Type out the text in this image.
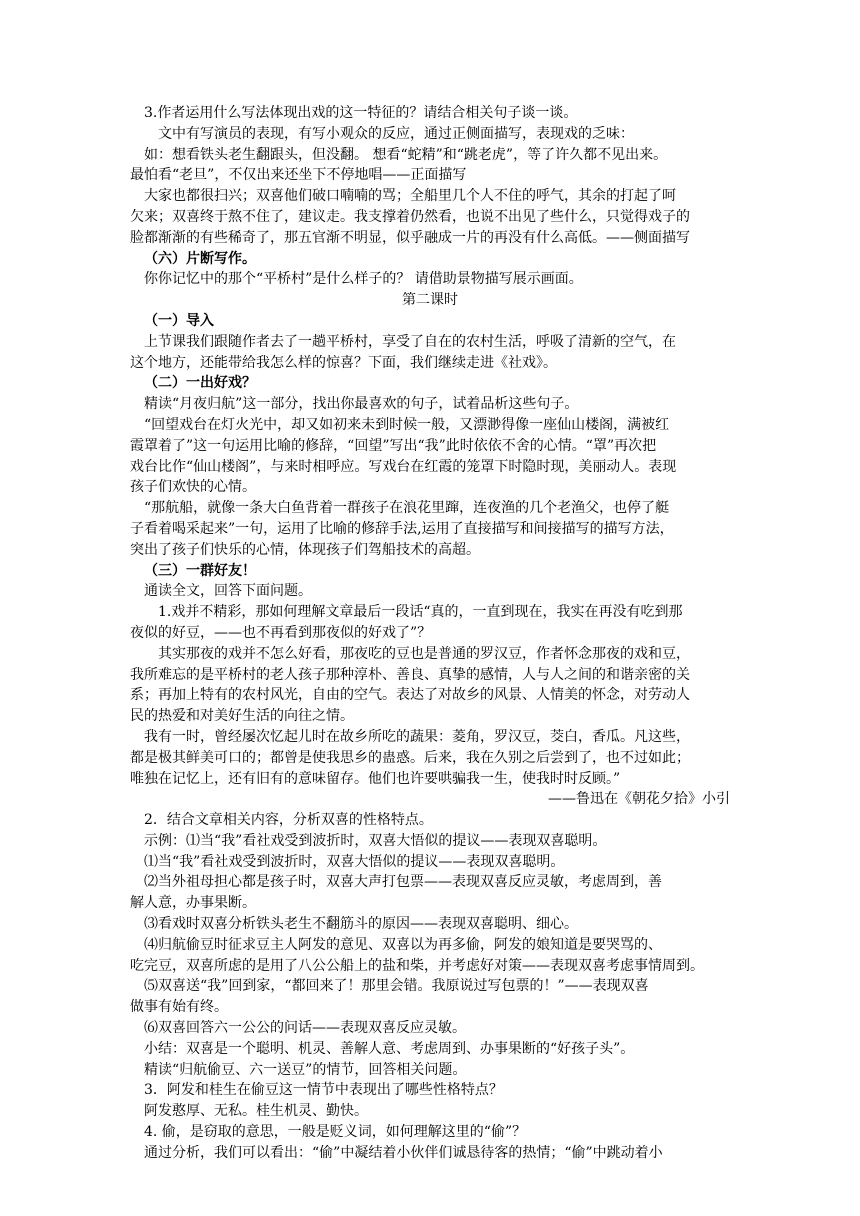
3.作者运用什么写法体现出戏的这一特征的？请结合相关句子谈一谈。
文中有写演员的表现，有写小观众的反应，通过正侧面描写，表现戏的乏味：
如：想看铁头老生翻跟头，但没翻。 想看“蛇精”和“跳老虎”，等了许久都不见出来。
最怕看“老旦”，不仅出来还坐下不停地唱——正面描写
大家也都很扫兴；双喜他们破口喃喃的骂；全船里几个人不住的呼气，其余的打起了呵
欠来；双喜终于熬不住了，建议走。我支撑着仍然看，也说不出见了些什么，只觉得戏子的
脸都渐渐的有些稀奇了，那五官渐不明显，似乎融成一片的再没有什么高低。——侧面描写
（六）片断写作。
你你记忆中的那个“平桥村”是什么样子的？ 请借助景物描写展示画面。
第二课时
（一）导入
上节课我们跟随作者去了一趟平桥村，享受了自在的农村生活，呼吸了清新的空气，在
这个地方，还能带给我怎么样的惊喜？下面，我们继续走进《社戏》。
（二）一出好戏？
精读“月夜归航”这一部分，找出你最喜欢的句子，试着品析这些句子。
“回望戏台在灯火光中，却又如初来未到时候一般，又漂渺得像一座仙山楼阁，满被红
霞罩着了”这一句运用比喻的修辞，“回望”写出“我”此时依依不舍的心情。“罩”再次把
戏台比作“仙山楼阁”，与来时相呼应。写戏台在红霞的笼罩下时隐时现，美丽动人。表现
孩子们欢快的心情。
“那航船，就像一条大白鱼背着一群孩子在浪花里蹿，连夜渔的几个老渔父，也停了艇
子看着喝采起来”一句，运用了比喻的修辞手法,运用了直接描写和间接描写的描写方法，
突出了孩子们快乐的心情，体现孩子们驾船技术的高超。
（三）一群好友！
通读全文，回答下面问题。
1.戏并不精彩，那如何理解文章最后一段话“真的，一直到现在，我实在再没有吃到那
夜似的好豆，——也不再看到那夜似的好戏了”？
其实那夜的戏并不怎么好看，那夜吃的豆也是普通的罗汉豆，作者怀念那夜的戏和豆，
我所难忘的是平桥村的老人孩子那种淳朴、善良、真挚的感情，人与人之间的和谐亲密的关
系；再加上特有的农村风光，自由的空气。表达了对故乡的风景、人情美的怀念，对劳动人
民的热爱和对美好生活的向往之情。
我有一时，曾经屡次忆起儿时在故乡所吃的蔬果：菱角，罗汉豆，茭白，香瓜。凡这些，
都是极其鲜美可口的；都曾是使我思乡的蛊惑。后来，我在久别之后尝到了，也不过如此；
唯独在记忆上，还有旧有的意味留存。他们也许要哄骗我一生，使我时时反顾。”
——鲁迅在《朝花夕拾》小引
2．结合文章相关内容，分析双喜的性格特点。
示例：⑴当“我”看社戏受到波折时，双喜大悟似的提议——表现双喜聪明。
⑴当“我”看社戏受到波折时，双喜大悟似的提议——表现双喜聪明。
⑵当外祖母担心都是孩子时，双喜大声打包票——表现双喜反应灵敏，考虑周到，善
解人意，办事果断。
⑶看戏时双喜分析铁头老生不翻筋斗的原因——表现双喜聪明、细心。
⑷归航偷豆时征求豆主人阿发的意见、双喜以为再多偷，阿发的娘知道是要哭骂的、
吃完豆，双喜所虑的是用了八公公船上的盐和柴，并考虑好对策——表现双喜考虑事情周到。
⑸双喜送“我”回到家，“都回来了！那里会错。我原说过写包票的！”——表现双喜
做事有始有终。
⑹双喜回答六一公公的问话——表现双喜反应灵敏。
小结：双喜是一个聪明、机灵、善解人意、考虑周到、办事果断的“好孩子头”。
精读“归航偷豆、六一送豆”的情节，回答相关问题。
3．阿发和桂生在偷豆这一情节中表现出了哪些性格特点？
阿发憨厚、无私。桂生机灵、勤快。
4. 偷，是窃取的意思，一般是贬义词，如何理解这里的“偷”？
通过分析，我们可以看出：“偷”中凝结着小伙伴们诚恳待客的热情；“偷”中跳动着小
